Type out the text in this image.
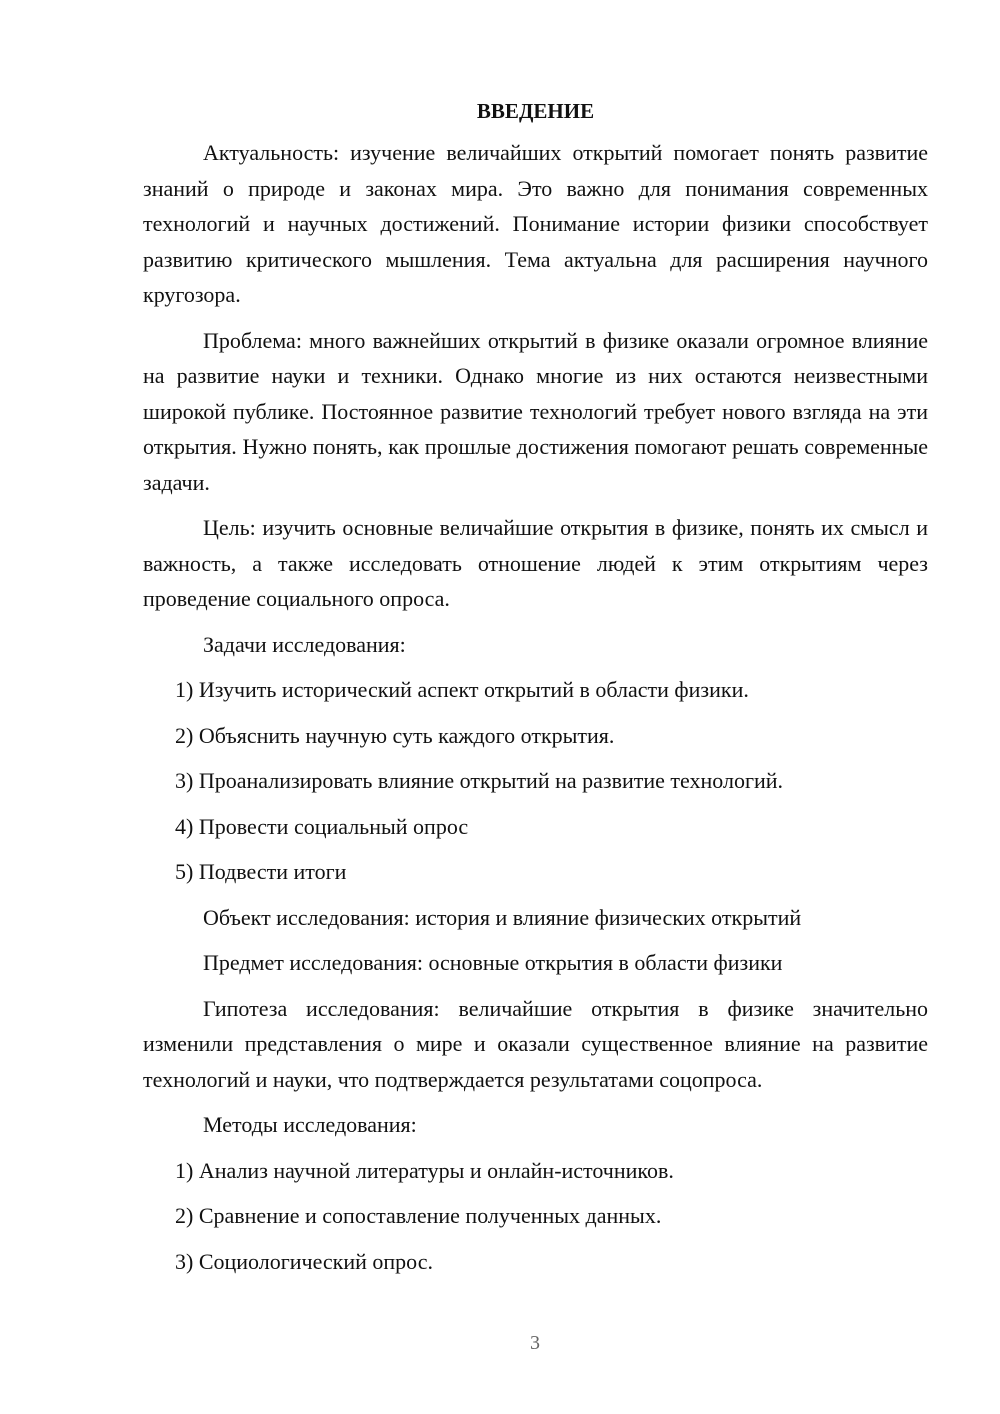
ВВЕДЕНИЕ

Актуальность: изучение величайших открытий помогает понять развитие знаний о природе и законах мира. Это важно для понимания современных технологий и научных достижений. Понимание истории физики способствует развитию критического мышления. Тема актуальна для расширения научного кругозора.

Проблема: много важнейших открытий в физике оказали огромное влияние на развитие науки и техники. Однако многие из них остаются неизвестными широкой публике. Постоянное развитие технологий требует нового взгляда на эти открытия. Нужно понять, как прошлые достижения помогают решать современные задачи.

Цель: изучить основные величайшие открытия в физике, понять их смысл и важность, а также исследовать отношение людей к этим открытиям через проведение социального опроса.

Задачи исследования:
1) Изучить исторический аспект открытий в области физики.
2) Объяснить научную суть каждого открытия.
3) Проанализировать влияние открытий на развитие технологий.
4) Провести социальный опрос
5) Подвести итоги
Объект исследования: история и влияние физических открытий
Предмет исследования: основные открытия в области физики

Гипотеза исследования: величайшие открытия в физике значительно изменили представления о мире и оказали существенное влияние на развитие технологий и науки, что подтверждается результатами соцопроса.

Методы исследования:
1) Анализ научной литературы и онлайн-источников.
2) Сравнение и сопоставление полученных данных.
3) Социологический опрос.
3
